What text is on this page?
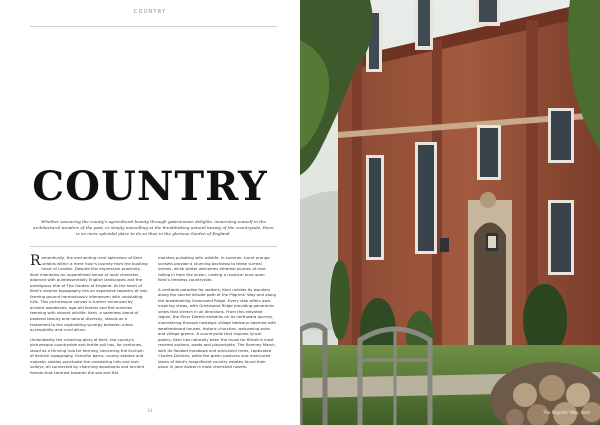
COUNTRY
COUNTRY
Whether savouring the county's agricultural bounty through gastronomic delights, immersing oneself in the architectural wonders of the past, or simply marvelling at the breathtaking natural beauty of the countryside, there is no more splendid place to do so than in the glorious Garden of England.

Romantically, the enchanting rural splendour of Kent unfolds within a mere hour's journey from the bustling heart of London. Despite this impressive proximity, Kent maintains an unparalleled sense of local character, adorned with quintessentially English landscapes and the prestigious title of The Garden of England. At the heart of Kent's diverse topography lies an expansive tapestry of lush farming ground harmoniously interwoven with undulating hills. This picturesque canvas is further enhanced by ancient woodlands, age-old forests and flat marshes teeming with vibrant wildlife. Kent, a seamless blend of pastoral beauty and natural diversity, stands as a testament to the captivating synergy between urban accessibility and rural allure.

Undoubtedly the crowning glory of Kent, the county's picturesque countryside and fertile soil has, for centuries, stood as a thriving hub for farming, becoming the linchpin of Kentish topography. Graceful barns, county estates and majestic castles punctuate the undulating hills and lush valleys, all connected by charming woodlands and ancient forests that contrast towards the sea and flat

marshes pulsating with wildlife. In summer, burnt orange sunsets provide a stunning backdrop to these surreal scenes, while winter welcomes ethereal plumes of mist rolling in from the ocean, casting a mystical aura upon Kent's timeless countryside.

A veritable paradise for walkers, Kent unfolds its wonders along the sacred hillside path of the Pilgrims' Way and along the breathtaking Greensand Ridge. Every step offers awe-inspiring vistas, with Greensand Ridge providing panoramic views that stretch in all directions. From this elevated region, the River Darent embarks on its northward journey, meandering through nostalgic village tableaux adorned with weatherboard houses, historic churches, welcoming pubs and village greens. A countryside that inspires lyrical poetry, Kent has naturally been the muse for Britain's most revered authors, poets and playwrights. The Romney Marsh, with its flooded meadows and wind-bent trees, captivated Charles Dickens, while the green pastures and manicured lawns of Kent's magnificent country estates found their place in Jane Austen's most cherished novels.

14	The Pilgrims' Way, Kent
